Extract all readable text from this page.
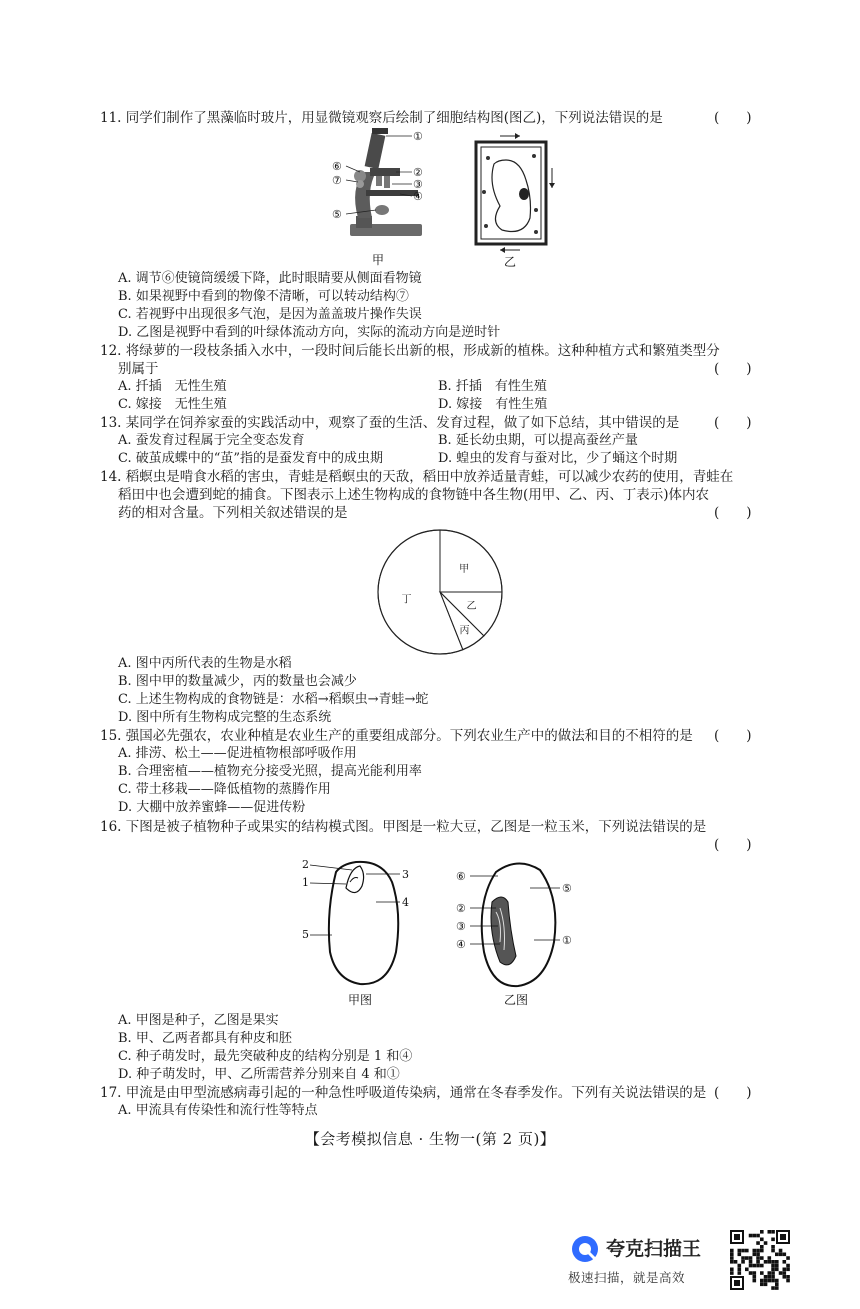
11. 同学们制作了黑藻临时玻片，用显微镜观察后绘制了细胞结构图(图乙)，下列说法错误的是	(　　)
①
②
③
④
⑤
⑥
⑦
甲	乙
A. 调节⑥使镜筒缓缓下降，此时眼睛要从侧面看物镜
B. 如果视野中看到的物像不清晰，可以转动结构⑦
C. 若视野中出现很多气泡，是因为盖盖玻片操作失误
D. 乙图是视野中看到的叶绿体流动方向，实际的流动方向是逆时针
12. 将绿萝的一段枝条插入水中，一段时间后能长出新的根，形成新的植株。这种种植方式和繁殖类型分
别属于	(　　)
A. 扦插　无性生殖	B. 扦插　有性生殖
C. 嫁接　无性生殖	D. 嫁接　有性生殖
13. 某同学在饲养家蚕的实践活动中，观察了蚕的生活、发育过程，做了如下总结，其中错误的是	(　　)
A. 蚕发育过程属于完全变态发育	B. 延长幼虫期，可以提高蚕丝产量
C. 破茧成蝶中的“茧”指的是蚕发育中的成虫期	D. 蝗虫的发育与蚕对比，少了蛹这个时期
14. 稻螟虫是啃食水稻的害虫，青蛙是稻螟虫的天敌，稻田中放养适量青蛙，可以减少农药的使用，青蛙在
稻田中也会遭到蛇的捕食。下图表示上述生物构成的食物链中各生物(用甲、乙、丙、丁表示)体内农
药的相对含量。下列相关叙述错误的是	(　　)
甲
乙
丙
丁
A. 图中丙所代表的生物是水稻
B. 图中甲的数量减少，丙的数量也会减少
C. 上述生物构成的食物链是：水稻→稻螟虫→青蛙→蛇
D. 图中所有生物构成完整的生态系统
15. 强国必先强农，农业种植是农业生产的重要组成部分。下列农业生产中的做法和目的不相符的是 (　　)
A. 排涝、松土——促进植物根部呼吸作用
B. 合理密植——植物充分接受光照，提高光能利用率
C. 带土移栽——降低植物的蒸腾作用
D. 大棚中放养蜜蜂——促进传粉
16. 下图是被子植物种子或果实的结构模式图。甲图是一粒大豆，乙图是一粒玉米，下列说法错误的是
(　　)
2
1
3
4
5
甲图
⑥
⑤
②
③
④	①
乙图
A. 甲图是种子，乙图是果实
B. 甲、乙两者都具有种皮和胚
C. 种子萌发时，最先突破种皮的结构分别是 1 和④
D. 种子萌发时，甲、乙所需营养分别来自 4 和①
17. 甲流是由甲型流感病毒引起的一种急性呼吸道传染病，通常在冬春季发作。下列有关说法错误的是 (　　)
A. 甲流具有传染性和流行性等特点
【会考模拟信息 · 生物一(第 2 页)】
夸克扫描王
极速扫描，就是高效
